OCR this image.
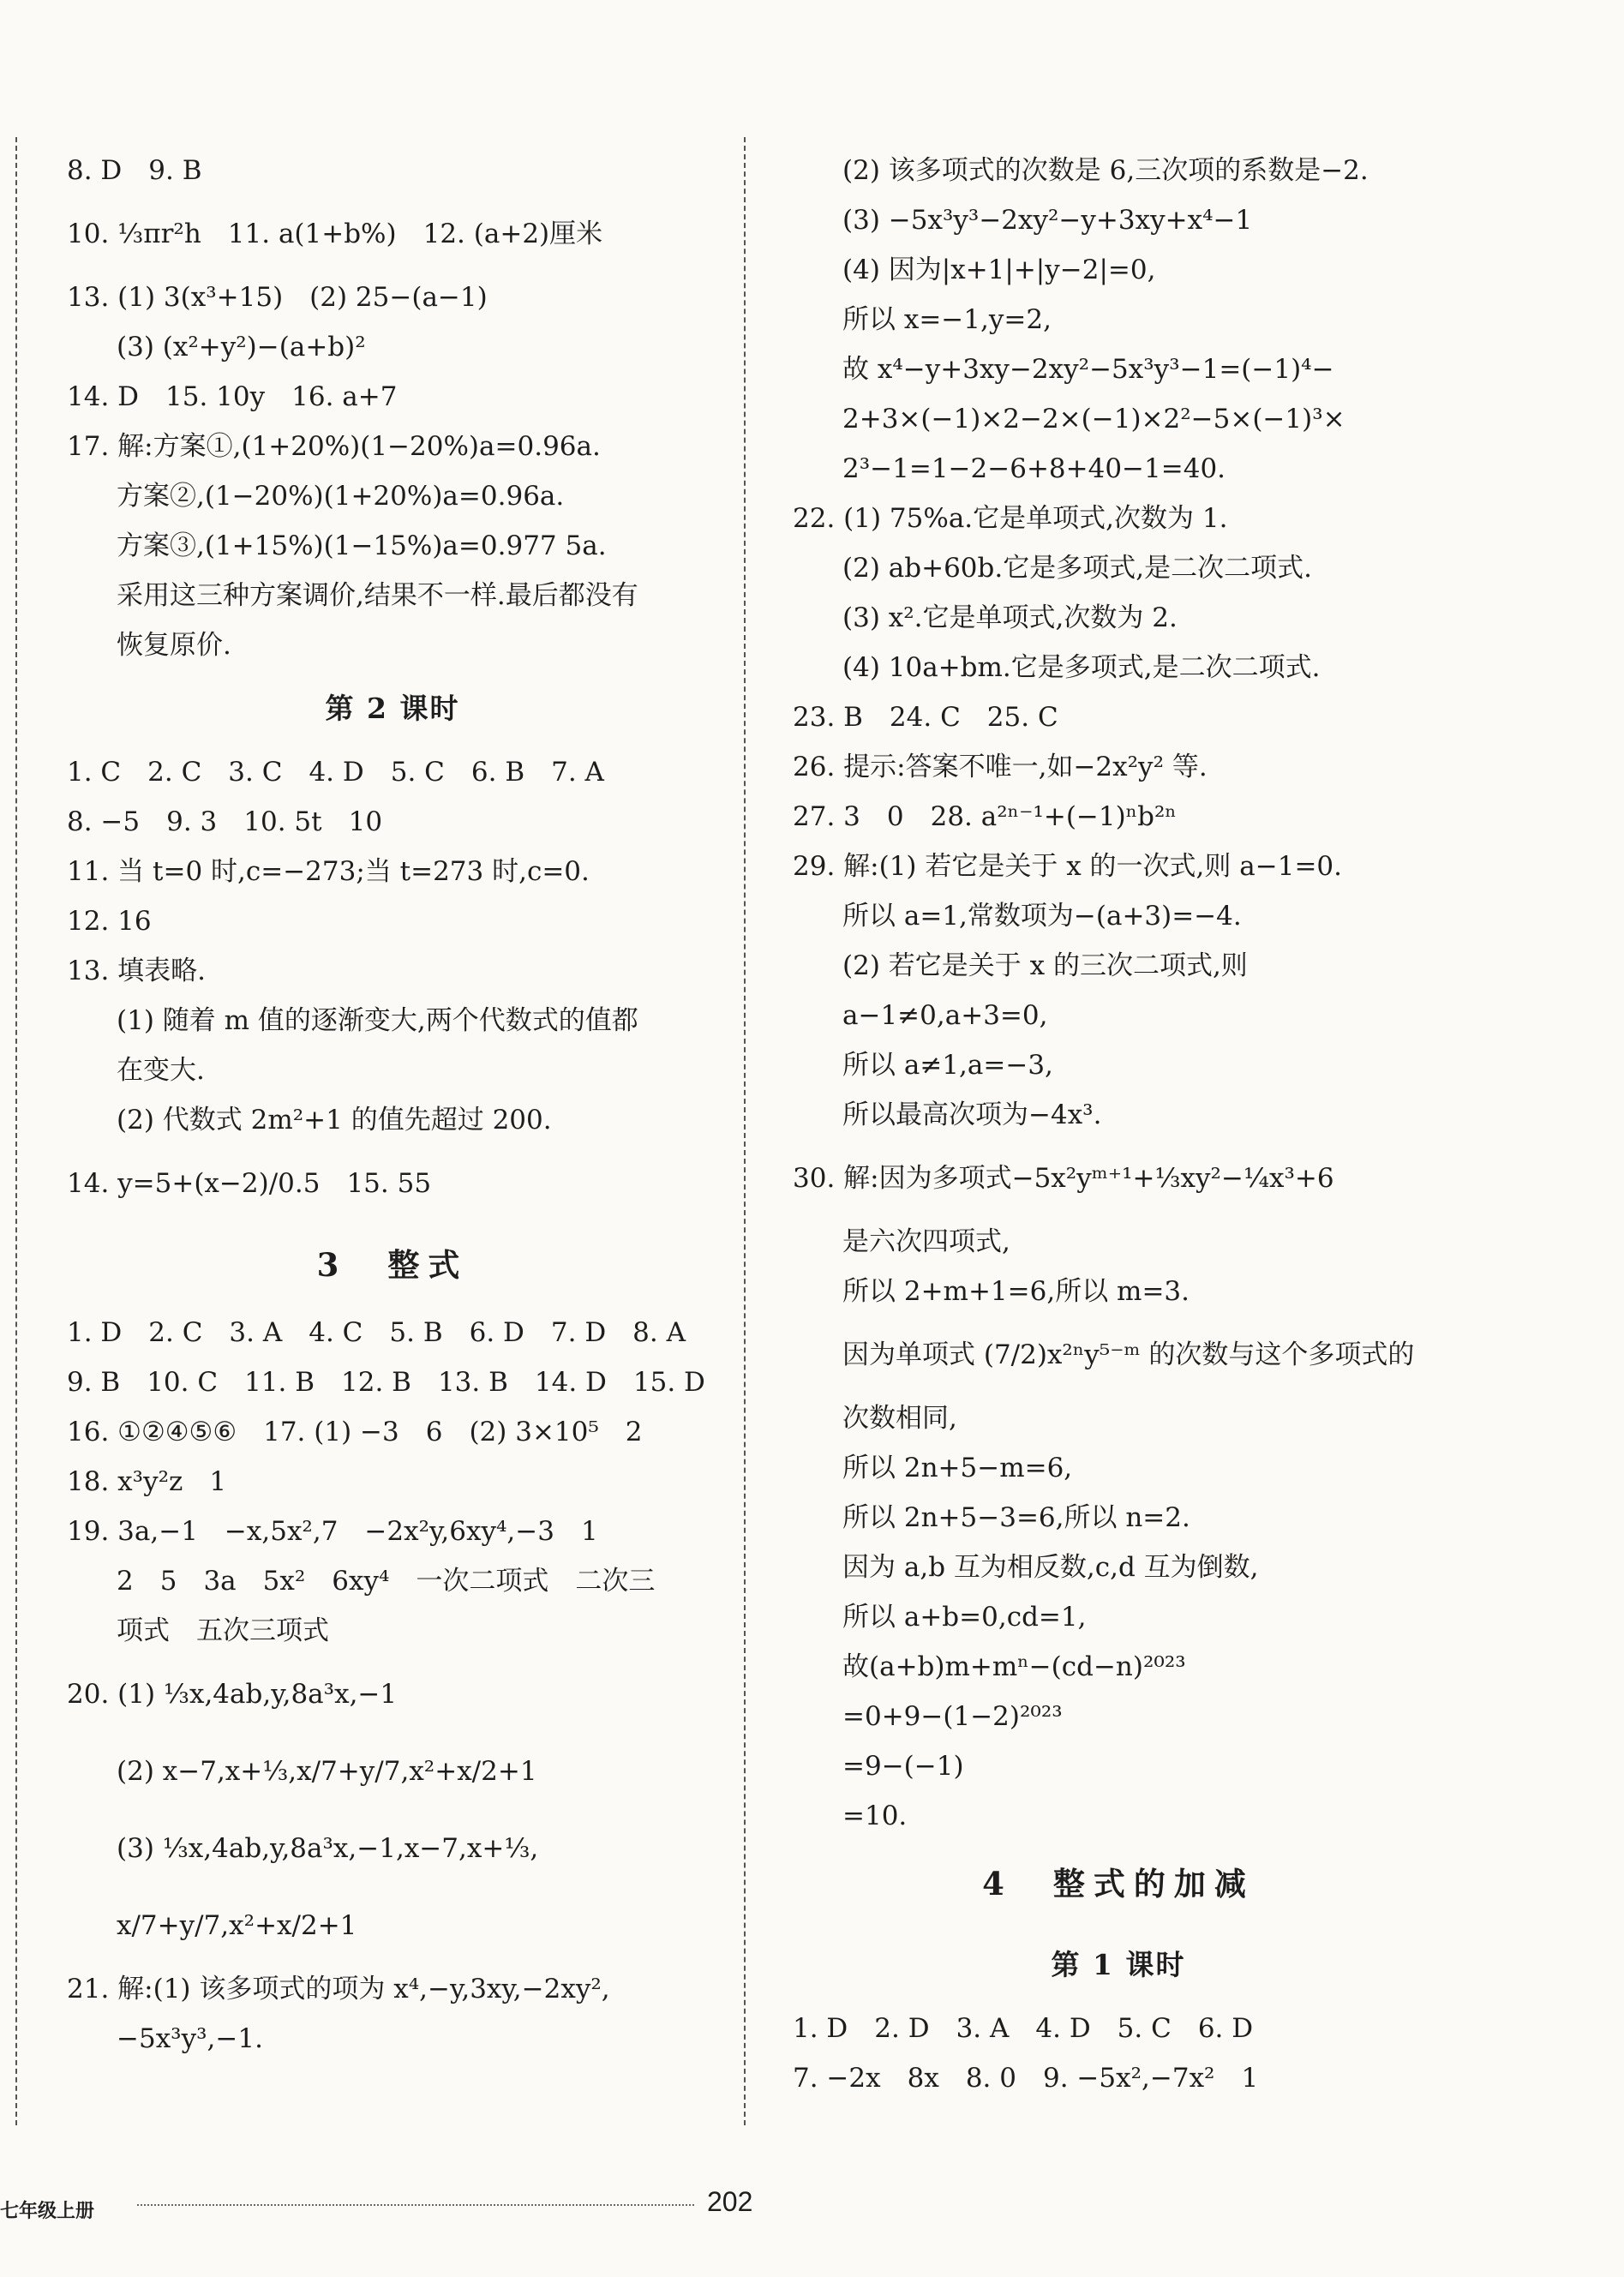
8. D　9. B
10. ⅓πr²h　11. a(1+b%)　12. (a+2)厘米
13. (1) 3(x³+15)　(2) 25−(a−1)
(3) (x²+y²)−(a+b)²
14. D　15. 10y　16. a+7
17. 解:方案①,(1+20%)(1−20%)a=0.96a.
方案②,(1−20%)(1+20%)a=0.96a.
方案③,(1+15%)(1−15%)a=0.977 5a.
采用这三种方案调价,结果不一样.最后都没有
恢复原价.
第 2 课时
1. C　2. C　3. C　4. D　5. C　6. B　7. A
8. −5　9. 3　10. 5t　10
11. 当 t=0 时,c=−273;当 t=273 时,c=0.
12. 16
13. 填表略.
(1) 随着 m 值的逐渐变大,两个代数式的值都
在变大.
(2) 代数式 2m²+1 的值先超过 200.
14. y=5+(x−2)/0.5　15. 55
3　整式
1. D　2. C　3. A　4. C　5. B　6. D　7. D　8. A
9. B　10. C　11. B　12. B　13. B　14. D　15. D
16. ①②④⑤⑥　17. (1) −3　6　(2) 3×10⁵　2
18. x³y²z　1
19. 3a,−1　−x,5x²,7　−2x²y,6xy⁴,−3　1
2　5　3a　5x²　6xy⁴　一次二项式　二次三
项式　五次三项式
20. (1) ⅓x,4ab,y,8a³x,−1
(2) x−7,x+⅓,x/7+y/7,x²+x/2+1
(3) ⅓x,4ab,y,8a³x,−1,x−7,x+⅓,
x/7+y/7,x²+x/2+1
21. 解:(1) 该多项式的项为 x⁴,−y,3xy,−2xy²,
−5x³y³,−1.
(2) 该多项式的次数是 6,三次项的系数是−2.
(3) −5x³y³−2xy²−y+3xy+x⁴−1
(4) 因为|x+1|+|y−2|=0,
所以 x=−1,y=2,
故 x⁴−y+3xy−2xy²−5x³y³−1=(−1)⁴−
2+3×(−1)×2−2×(−1)×2²−5×(−1)³×
2³−1=1−2−6+8+40−1=40.
22. (1) 75%a.它是单项式,次数为 1.
(2) ab+60b.它是多项式,是二次二项式.
(3) x².它是单项式,次数为 2.
(4) 10a+bm.它是多项式,是二次二项式.
23. B　24. C　25. C
26. 提示:答案不唯一,如−2x²y² 等.
27. 3　0　28. a²ⁿ⁻¹+(−1)ⁿb²ⁿ
29. 解:(1) 若它是关于 x 的一次式,则 a−1=0.
所以 a=1,常数项为−(a+3)=−4.
(2) 若它是关于 x 的三次二项式,则
a−1≠0,a+3=0,
所以 a≠1,a=−3,
所以最高次项为−4x³.
30. 解:因为多项式−5x²yᵐ⁺¹+⅓xy²−¼x³+6
是六次四项式,
所以 2+m+1=6,所以 m=3.
因为单项式 (7/2)x²ⁿy⁵⁻ᵐ 的次数与这个多项式的
次数相同,
所以 2n+5−m=6,
所以 2n+5−3=6,所以 n=2.
因为 a,b 互为相反数,c,d 互为倒数,
所以 a+b=0,cd=1,
故(a+b)m+mⁿ−(cd−n)²⁰²³
=0+9−(1−2)²⁰²³
=9−(−1)
=10.
4　整式的加减
第 1 课时
1. D　2. D　3. A　4. D　5. C　6. D
7. −2x　8x　8. 0　9. −5x²,−7x²　1
七年级上册	202
